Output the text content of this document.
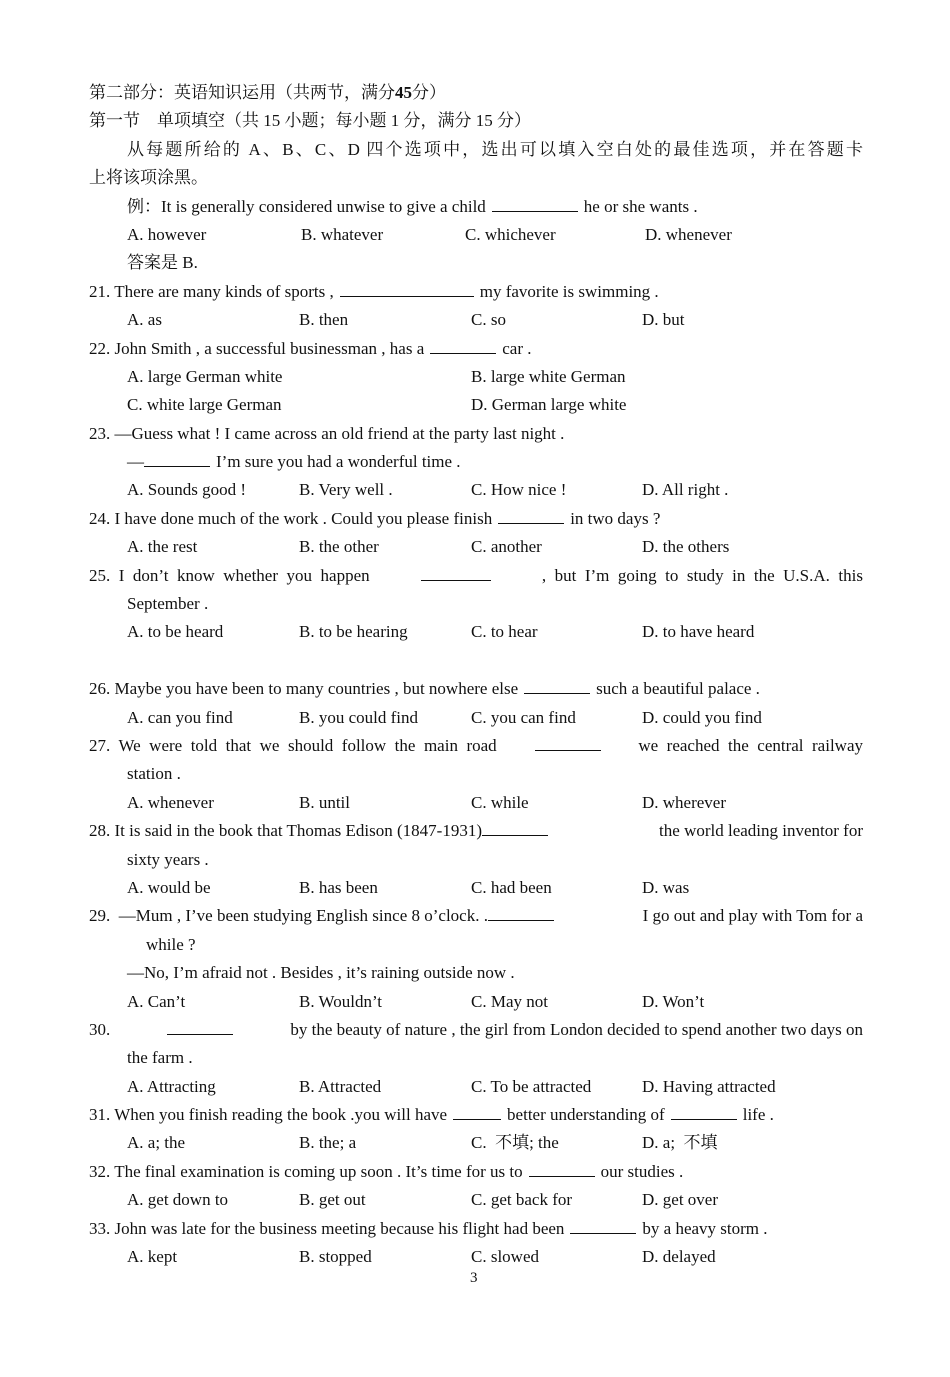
第二部分：英语知识运用（共两节，满分45分）
第一节　单项填空（共 15 小题；每小题 1 分，满分 15 分）
从每题所给的 A、B、C、D 四个选项中，选出可以填入空白处的最佳选项，并在答题卡
上将该项涂黑。
例：It is generally considered unwise to give a child	he or she wants .
A. however	B. whatever	C. whichever	D. whenever
答案是 B.
21. There are many kinds of sports ,	my favorite is swimming .
A. as	B. then	C. so	D. but
22. John Smith , a successful businessman , has a	car .
A. large German white	B. large white German
C. white large German	D. German large white
23. —Guess what ! I came across an old friend at the party last night .
—	I’m sure you had a wonderful time .
A. Sounds good !	B. Very well .	C. How nice !	D. All right .
24. I have done much of the work . Could you please finish	in two days ?
A. the rest	B. the other	C. another	D. the others
25.  I  don’t  know  whether  you  happen	,  but  I’m  going  to  study  in  the  U.S.A.  this
September .
A. to be heard	B. to be hearing	C. to hear	D. to have heard
26. Maybe you have been to many countries , but nowhere else	such a beautiful palace .
A. can you find	B. you could find	C. you can find	D. could you find
27.  We  were  told  that  we  should  follow  the  main  road	we  reached  the  central  railway
station .
A. whenever	B. until	C. while	D. wherever
28. It is said in the book that Thomas Edison (1847-1931)	the world leading inventor for
sixty years .
A. would be	B. has been	C. had been	D. was
29.  —Mum , I’ve been studying English since 8 o’clock. .	I go out and play with Tom for a
while ?
—No, I’m afraid not . Besides , it’s raining outside now .
A. Can’t	B. Wouldn’t	C. May not	D. Won’t
30.	by the beauty of nature , the girl from London decided to spend another two days on
the farm .
A. Attracting	B. Attracted	C. To be attracted	D. Having attracted
31. When you finish reading the book .you will have	better understanding of	life .
A. a; the	B. the; a	C.  不填; the	D. a;  不填
32. The final examination is coming up soon . It’s time for us to	our studies .
A. get down to	B. get out	C. get back for	D. get over
33. John was late for the business meeting because his flight had been	by a heavy storm .
A. kept	B. stopped	C. slowed	D. delayed
3
